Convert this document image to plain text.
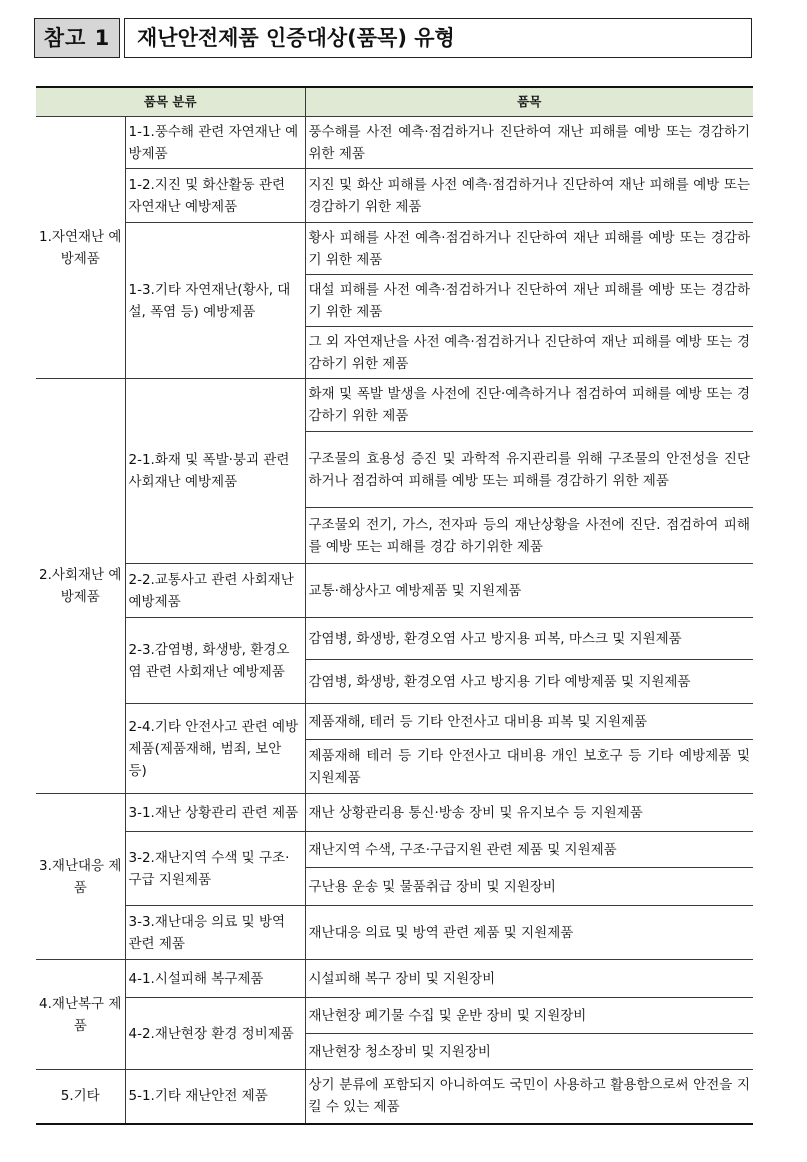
참고 1	재난안전제품 인증대상(품목) 유형
품목 분류		품목
1.자연재난 예방제품	1-1.풍수해 관련 자연재난 예방제품	풍수해를 사전 예측·점검하거나 진단하여 재난 피해를 예방 또는 경감하기 위한 제품
	1-2.지진 및 화산활동 관련 자연재난 예방제품	지진 및 화산 피해를 사전 예측·점검하거나 진단하여 재난 피해를 예방 또는 경감하기 위한 제품
	1-3.기타 자연재난(황사, 대설, 폭염 등) 예방제품	황사 피해를 사전 예측·점검하거나 진단하여 재난 피해를 예방 또는 경감하기 위한 제품
		대설 피해를 사전 예측·점검하거나 진단하여 재난 피해를 예방 또는 경감하기 위한 제품
		그 외 자연재난을 사전 예측·점검하거나 진단하여 재난 피해를 예방 또는 경감하기 위한 제품
2.사회재난 예방제품	2-1.화재 및 폭발·붕괴 관련 사회재난 예방제품	화재 및 폭발 발생을 사전에 진단·예측하거나 점검하여 피해를 예방 또는 경감하기 위한 제품
		구조물의 효용성 증진 및 과학적 유지관리를 위해 구조물의 안전성을 진단하거나 점검하여 피해를 예방 또는 피해를 경감하기 위한 제품
		구조물외 전기, 가스, 전자파 등의 재난상황을 사전에 진단. 점검하여 피해를 예방 또는 피해를 경감 하기위한 제품
	2-2.교통사고 관련 사회재난 예방제품	교통·해상사고 예방제품 및 지원제품
	2-3.감염병, 화생방, 환경오염 관련 사회재난 예방제품	감염병, 화생방, 환경오염 사고 방지용 피복, 마스크 및 지원제품
		감염병, 화생방, 환경오염 사고 방지용 기타 예방제품 및 지원제품
	2-4.기타 안전사고 관련 예방제품(제품재해, 범죄, 보안 등)	제품재해, 테러 등 기타 안전사고 대비용 피복 및 지원제품
		제품재해 테러 등 기타 안전사고 대비용 개인 보호구 등 기타 예방제품 및 지원제품
3.재난대응 제품	3-1.재난 상황관리 관련 제품	재난 상황관리용 통신·방송 장비 및 유지보수 등 지원제품
	3-2.재난지역 수색 및 구조·구급 지원제품	재난지역 수색, 구조·구급지원 관련 제품 및 지원제품
		구난용 운송 및 물품취급 장비 및 지원장비
	3-3.재난대응 의료 및 방역 관련 제품	재난대응 의료 및 방역 관련 제품 및 지원제품
4.재난복구 제품	4-1.시설피해 복구제품	시설피해 복구 장비 및 지원장비
	4-2.재난현장 환경 정비제품	재난현장 폐기물 수집 및 운반 장비 및 지원장비
		재난현장 청소장비 및 지원장비
5.기타	5-1.기타 재난안전 제품	상기 분류에 포함되지 아니하여도 국민이 사용하고 활용함으로써 안전을 지킬 수 있는 제품
